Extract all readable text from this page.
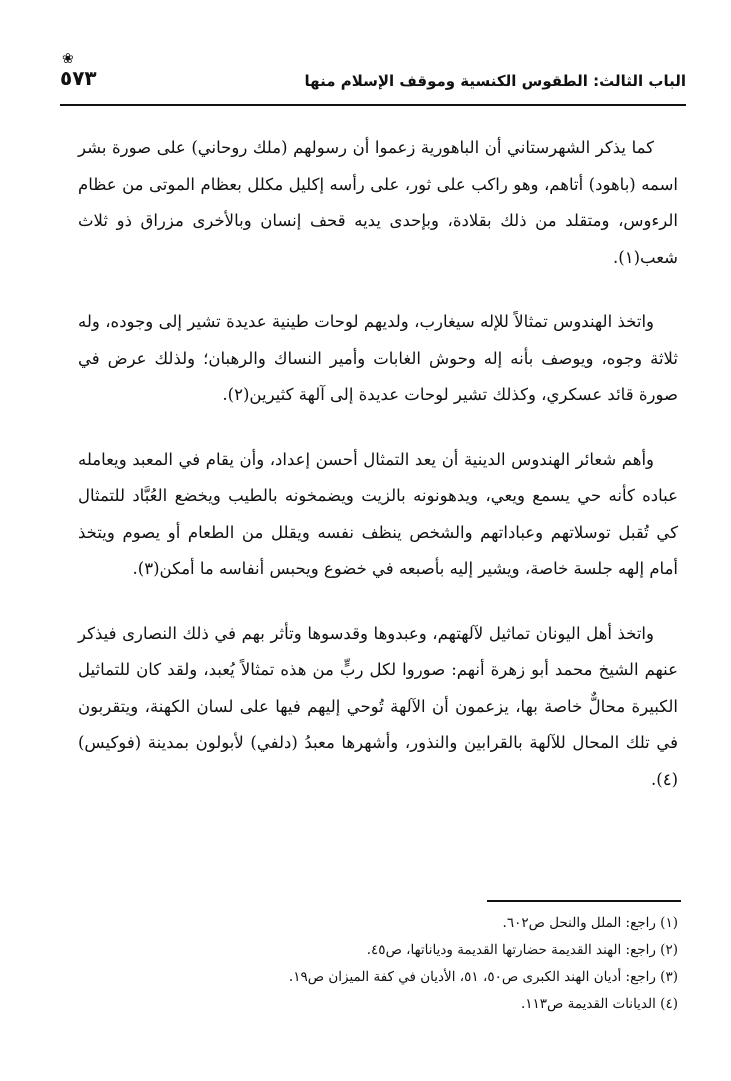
الباب الثالث: الطقوس الكنسية وموقف الإسلام منها
٥٧٣
❀

كما يذكر الشهرستاني أن الباهورية زعموا أن رسولهم (ملك روحاني) على صورة بشر اسمه (باهود) أتاهم، وهو راكب على ثور، على رأسه إكليل مكلل بعظام الموتى من عظام الرءوس، ومتقلد من ذلك بقلادة، وبإحدى يديه قحف إنسان وبالأخرى مزراق ذو ثلاث شعب(١).

واتخذ الهندوس تمثالاً للإله سيغارب، ولديهم لوحات طينية عديدة تشير إلى وجوده، وله ثلاثة وجوه، ويوصف بأنه إله وحوش الغابات وأمير النساك والرهبان؛ ولذلك عرض في صورة قائد عسكري، وكذلك تشير لوحات عديدة إلى آلهة كثيرين(٢).

وأهم شعائر الهندوس الدينية أن يعد التمثال أحسن إعداد، وأن يقام في المعبد ويعامله عباده كأنه حي يسمع ويعي، ويدهونونه بالزيت ويضمخونه بالطيب ويخضع العُبَّاد للتمثال كي تُقبل توسلاتهم وعباداتهم والشخص ينظف نفسه ويقلل من الطعام أو يصوم ويتخذ أمام إلهه جلسة خاصة، ويشير إليه بأصبعه في خضوع ويحبس أنفاسه ما أمكن(٣).

واتخذ أهل اليونان تماثيل لآلهتهم، وعبدوها وقدسوها وتأثر بهم في ذلك النصارى فيذكر عنهم الشيخ محمد أبو زهرة أنهم: صوروا لكل ربٍّ من هذه تمثالاً يُعبد، ولقد كان للتماثيل الكبيرة محالٌّ خاصة بها، يزعمون أن الآلهة تُوحي إليهم فيها على لسان الكهنة، ويتقربون في تلك المحال للآلهة بالقرابين والنذور، وأشهرها معبدُ (دلفي) لأبولون بمدينة (فوكيس)(٤).

(١) راجع: الملل والنحل ص٦٠٢.

(٢) راجع: الهند القديمة حضارتها القديمة ودياناتها، ص٤٥.

(٣) راجع: أديان الهند الكبرى ص٥٠، ٥١، الأديان في كفة الميزان ص١٩.

(٤) الديانات القديمة ص١١٣.
